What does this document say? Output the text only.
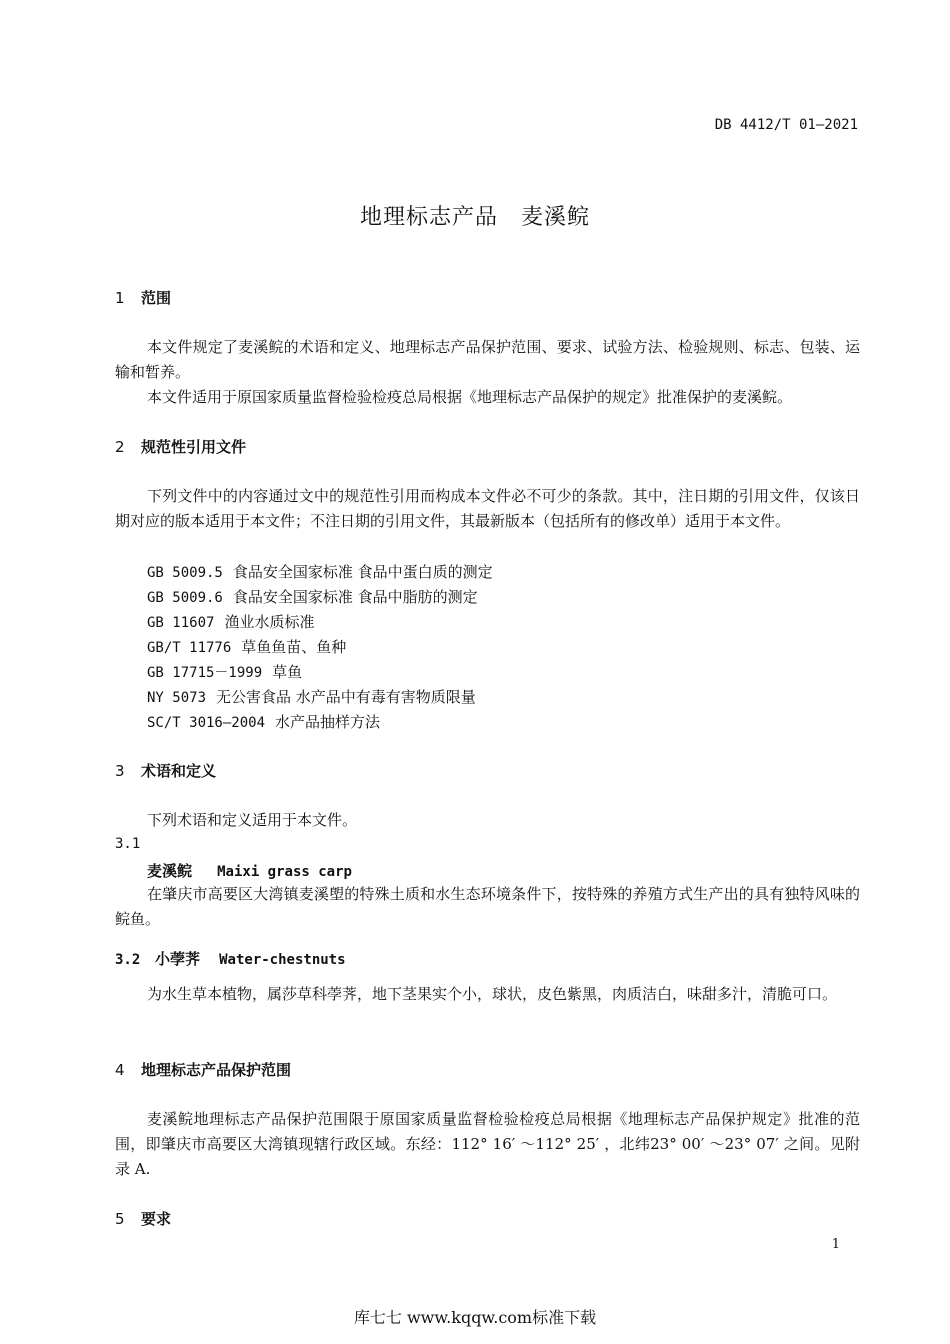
DB 4412/T 01—2021
地理标志产品　麦溪鲩
1 范围

本文件规定了麦溪鲩的术语和定义、地理标志产品保护范围、要求、试验方法、检验规则、标志、包装、运输和暂养。

本文件适用于原国家质量监督检验检疫总局根据《地理标志产品保护的规定》批准保护的麦溪鲩。

2 规范性引用文件

下列文件中的内容通过文中的规范性引用而构成本文件必不可少的条款。其中，注日期的引用文件，仅该日期对应的版本适用于本文件；不注日期的引用文件，其最新版本（包括所有的修改单）适用于本文件。

GB 5009.5 食品安全国家标准 食品中蛋白质的测定
GB 5009.6 食品安全国家标准 食品中脂肪的测定
GB 11607 渔业水质标准
GB/T 11776 草鱼鱼苗、鱼种
GB 17715－1999 草鱼
NY 5073 无公害食品 水产品中有毒有害物质限量
SC/T 3016—2004 水产品抽样方法
3 术语和定义

下列术语和定义适用于本文件。

3.1
麦溪鲩 Maixi grass carp

在肇庆市高要区大湾镇麦溪塱的特殊土质和水生态环境条件下，按特殊的养殖方式生产出的具有独特风味的鲩鱼。

3.2 小荸荠 Water-chestnuts

为水生草本植物，属莎草科荸荠，地下茎果实个小，球状，皮色紫黑，肉质洁白，味甜多汁，清脆可口。

4 地理标志产品保护范围

麦溪鲩地理标志产品保护范围限于原国家质量监督检验检疫总局根据《地理标志产品保护规定》批准的范围，即肇庆市高要区大湾镇现辖行政区域。东经：112° 16′ ～112° 25′ ，北纬23° 00′ ～23° 07′ 之间。见附录 A.

5 要求
1
库七七 www.kqqw.com标准下载
